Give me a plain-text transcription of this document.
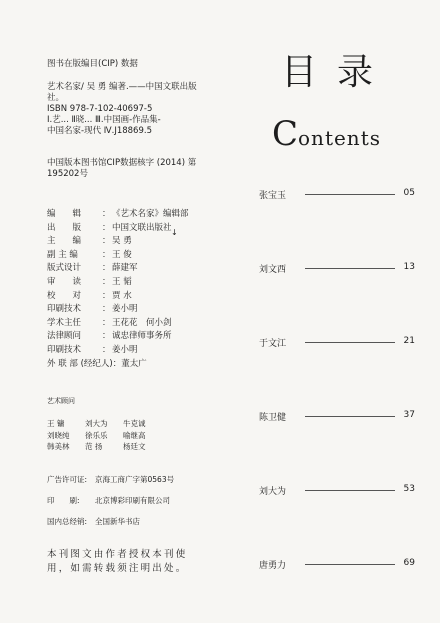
图书在版编目(CIP) 数据
艺术名家/ 吴 勇 编著.——中国文联出版
社。
ISBN 978-7-102-40697-5
Ⅰ.艺... Ⅱ晓... Ⅲ.中国画-作品集-
中国名家-现代 Ⅳ.J18869.5
中国版本图书馆CIP数据核字 (2014) 第
195202号
编　　辑	： 《艺术名家》编辑部
出　　版	： 中国文联出版社
主　　编	： 吴 勇
副 主 编	： 王 俊
版式设计	： 薛建军
审　　读	： 王 韬
校　　对	： 贾 水
印刷技术	： 姜小明
学术主任	： 王花花　何小剑
法律顾问	： 诚忠律师事务所
印刷技术	： 姜小明
外 联 部 (经纪人) ： 董太广
↓
艺术顾问
王 镛	刘大为	牛克诚
刘晓纯	徐乐乐	喻继高
韩美林	范 扬	杨廷文
广告许可证:	京海工商广字第0563号
印　　刷:	北京博彩印刷有限公司
国内总经销:	全国新华书店
本刊图文由作者授权本刊使
用，如需转载须注明出处。
目录
Contents
张宝玉	05
刘文西	13
于文江	21
陈卫健	37
刘大为	53
唐勇力	69
